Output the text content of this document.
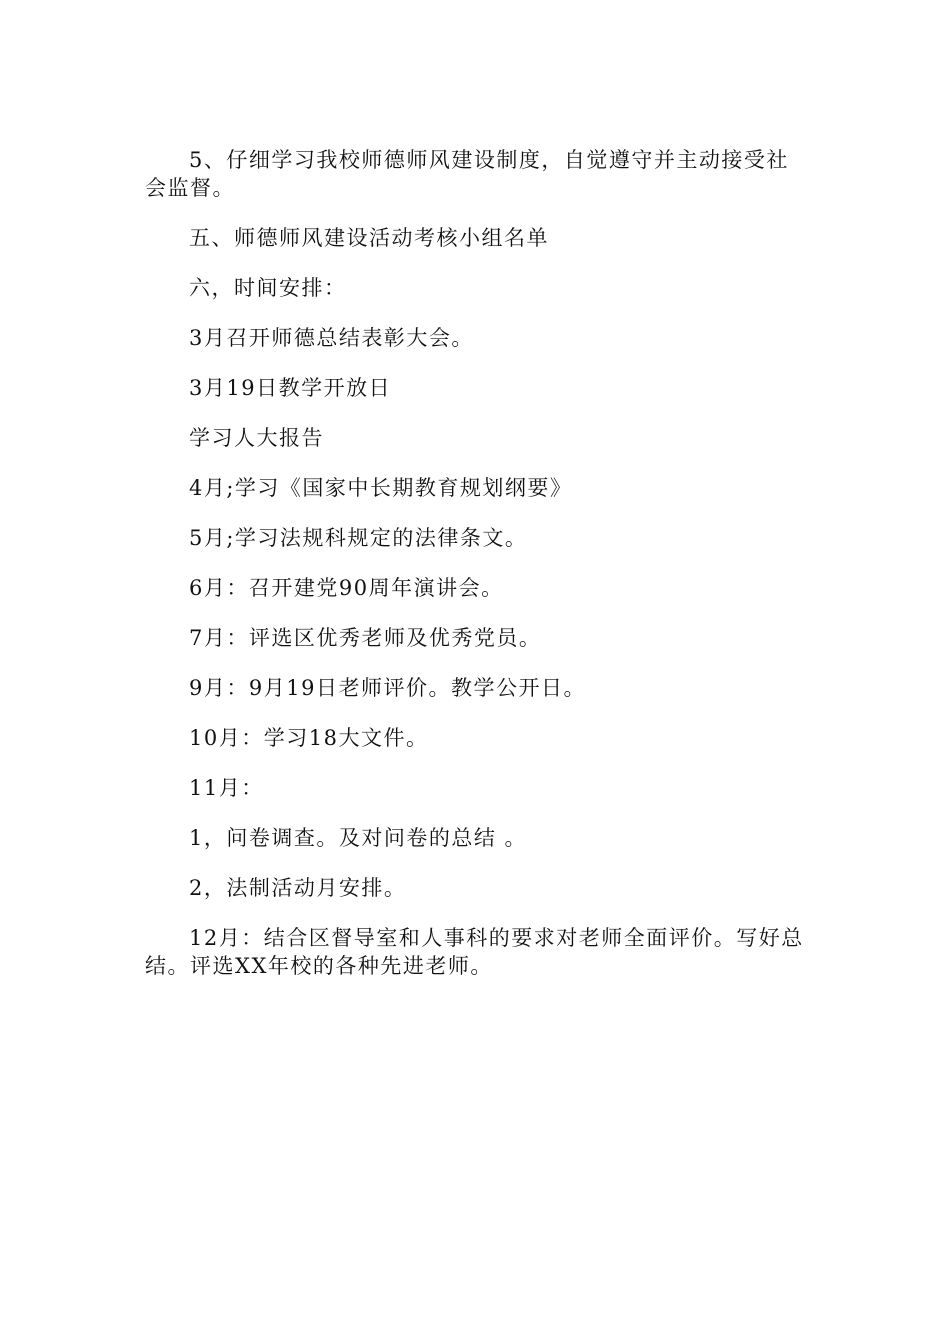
5、仔细学习我校师德师风建设制度，自觉遵守并主动接受社会监督。

五、师德师风建设活动考核小组名单

六，时间安排：

3月召开师德总结表彰大会。

3月19日教学开放日

学习人大报告

4月;学习《国家中长期教育规划纲要》

5月;学习法规科规定的法律条文。

6月：召开建党90周年演讲会。

7月：评选区优秀老师及优秀党员。

9月：9月19日老师评价。教学公开日。

10月：学习18大文件。

11月：

1，问卷调查。及对问卷的总结 。

2，法制活动月安排。

12月：结合区督导室和人事科的要求对老师全面评价。写好总结。评选XX年校的各种先进老师。
